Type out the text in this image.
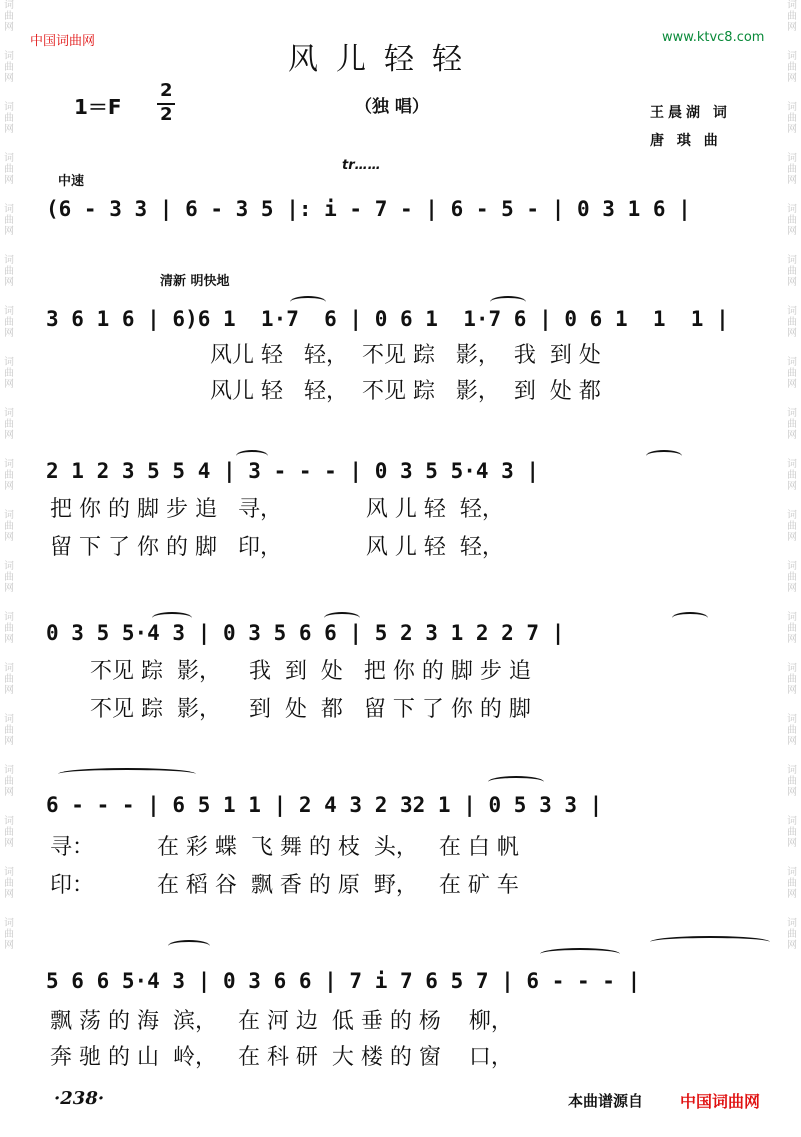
词
曲
网
词
曲
网
词
曲
网
词
曲
网
词
曲
网
词
曲
网
词
曲
网
词
曲
网
词
曲
网
词
曲
网
词
曲
网
词
曲
网
词
曲
网
词
曲
网
词
曲
网
词
曲
网
词
曲
网
词
曲
网
词
曲
网
词
曲
网
词
曲
网
词
曲
网
词
曲
网
词
曲
网
词
曲
网
词
曲
网
词
曲
网
词
曲
网
词
曲
网
词
曲
网
词
曲
网
词
曲
网
词
曲
网
词
曲
网
词
曲
网
词
曲
网
词
曲
网
词
曲
网
中国词曲网	www.ktvc8.com
风儿轻轻
1＝F
2
2	（独 唱）	王晨湖 词
唐 琪 曲
中速
tr……
(6 - 3 3 | 6 - 3 5 |: i - 7 - | 6 - 5 - | 0 3 1 6 |
清新 明快地
3 6 1 6 | 6)6 1  1·7  6 | 0 6 1  1·7 6 | 0 6 1  1  1 |
风儿 轻   轻，  不见 踪   影，  我  到 处
风儿 轻   轻，  不见 踪   影，  到  处 都
2 1 2 3 5 5 4 | 3 - - - | 0 3 5 5·4 3 |
把 你 的 脚 步 追   寻，            风 儿 轻  轻，
留 下 了 你 的 脚   印，            风 儿 轻  轻，
0 3 5 5·4 3 | 0 3 5 6 6 | 5 2 3 1 2 2 7 |
不见 踪  影，    我  到  处   把 你 的 脚 步 追
不见 踪  影，    到  处  都   留 下 了 你 的 脚
6 - - - | 6 5 1 1 | 2 4 3 2 32 1 | 0 5 3 3 |
寻：         在 彩 蝶  飞 舞 的 枝  头，   在 白 帆
印：         在 稻 谷  飘 香 的 原  野，   在 矿 车
5 6 6 5·4 3 | 0 3 6 6 | 7 i 7 6 5 7 | 6 - - - |
飘 荡 的 海  滨，   在 河 边  低 垂 的 杨    柳，
奔 驰 的 山  岭，   在 科 研  大 楼 的 窗    口，
·238·	本曲谱源自 中国词曲网
